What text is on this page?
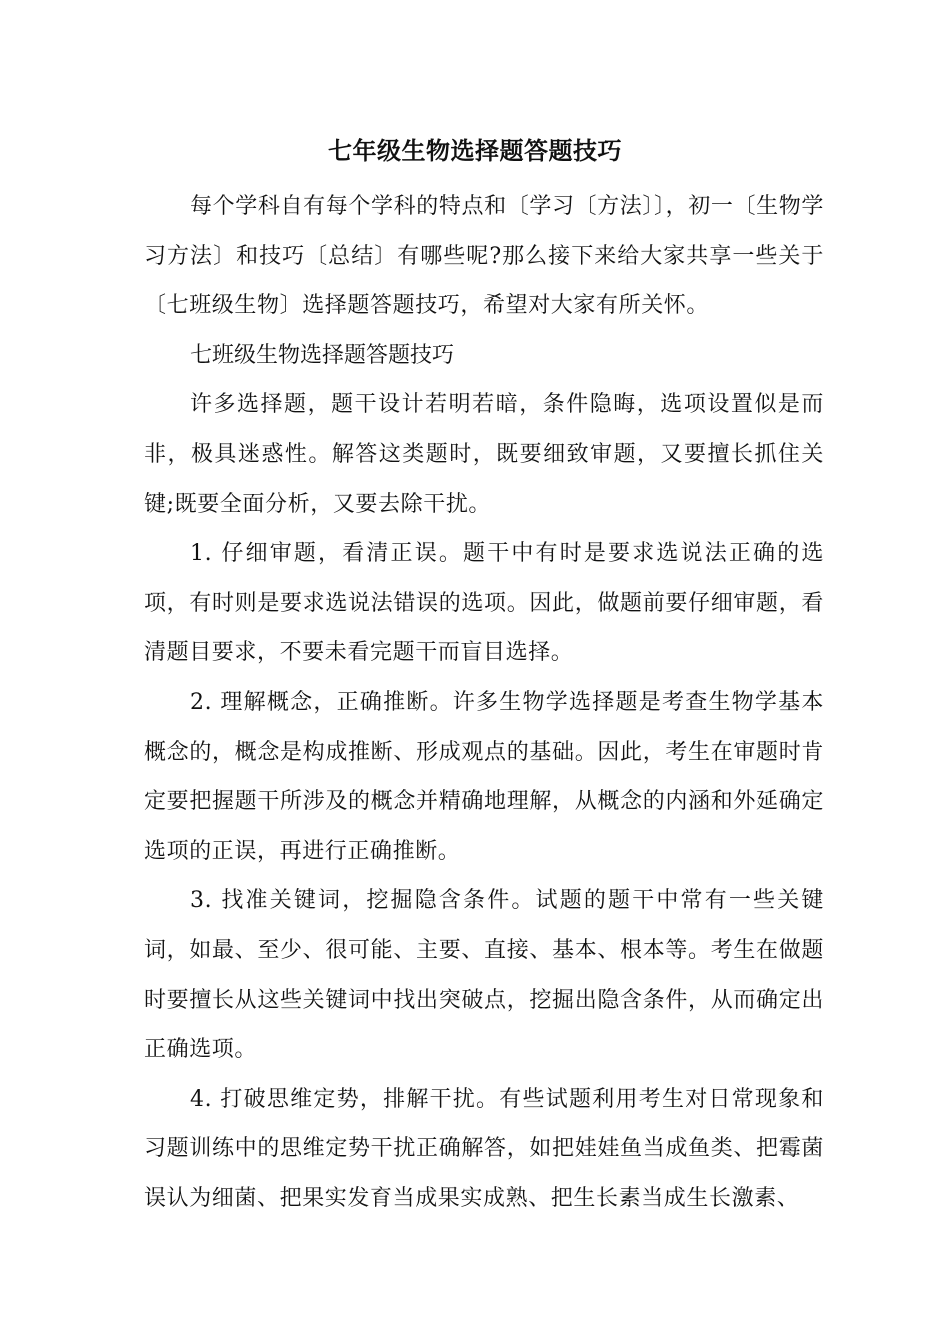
七年级生物选择题答题技巧

每个学科自有每个学科的特点和〔学习〔方法〕〕，初一〔生物学习方法〕和技巧〔总结〕有哪些呢?那么接下来给大家共享一些关于〔七班级生物〕选择题答题技巧，希望对大家有所关怀。

七班级生物选择题答题技巧

许多选择题，题干设计若明若暗，条件隐晦，选项设置似是而非，极具迷惑性。解答这类题时，既要细致审题，又要擅长抓住关键;既要全面分析，又要去除干扰。

1. 仔细审题，看清正误。题干中有时是要求选说法正确的选项，有时则是要求选说法错误的选项。因此，做题前要仔细审题，看清题目要求，不要未看完题干而盲目选择。

2. 理解概念，正确推断。许多生物学选择题是考查生物学基本概念的，概念是构成推断、形成观点的基础。因此，考生在审题时肯定要把握题干所涉及的概念并精确地理解，从概念的内涵和外延确定选项的正误，再进行正确推断。

3. 找准关键词，挖掘隐含条件。试题的题干中常有一些关键词，如最、至少、很可能、主要、直接、基本、根本等。考生在做题时要擅长从这些关键词中找出突破点，挖掘出隐含条件，从而确定出正确选项。

4. 打破思维定势，排解干扰。有些试题利用考生对日常现象和习题训练中的思维定势干扰正确解答，如把娃娃鱼当成鱼类、把霉菌误认为细菌、把果实发育当成果实成熟、把生长素当成生长激素、
